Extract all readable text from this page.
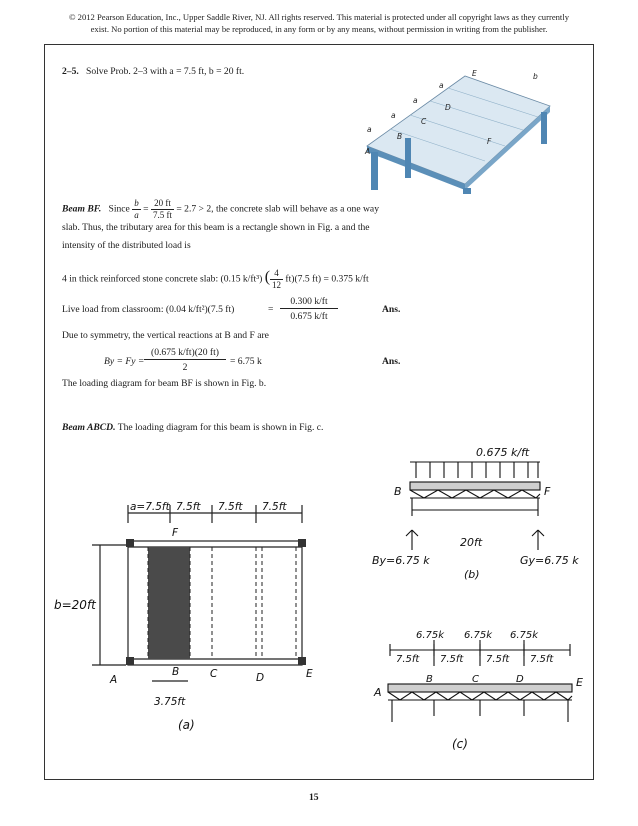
© 2012 Pearson Education, Inc., Upper Saddle River, NJ. All rights reserved. This material is protected under all copyright laws as they currently
exist. No portion of this material may be reproduced, in any form or by any means, without permission in writing from the publisher.
2–5. Solve Prob. 2–3 with a = 7.5 ft, b = 20 ft.	E	b
a
D
a
C
a
B
a
F
A
Beam BF. Since $\frac{b}{a} = \frac{20 ft}{7.5 ft} = 2.7 > 2$, the concrete slab will behave as a one way
slab. Thus, the tributary area for this beam is a rectangle shown in Fig. a and the
intensity of the distributed load is
4 in thick reinforced stone concrete slab: (0.15 k/ft³) ( $\frac{4}{12} ft)(7.5$ ft) = 0.375 k/ft
Live load from classroom: (0.04 k/ft²)(7.5 ft)	=
0.300 k/ft
0.675 k/ft
Ans.
Due to symmetry, the vertical reactions at B and F are
By = Fy =
(0.675 k/ft)(20 ft)
2
= 6.75 k	Ans.
The loading diagram for beam BF is shown in Fig. b.
Beam ABCD. The loading diagram for this beam is shown in Fig. c.
a=7.5ft 7.5ft 7.5ft 7.5ft
F
b=20ft
A
B	C	D	E
3.75ft
(a)
0.675 k/ft
B	F
20ft
By=6.75 k	Gy=6.75 k
(b)
6.75k 6.75k 6.75k
7.5ft 7.5ft 7.5ft 7.5ft
A
B	C	D	E
(c)
15
